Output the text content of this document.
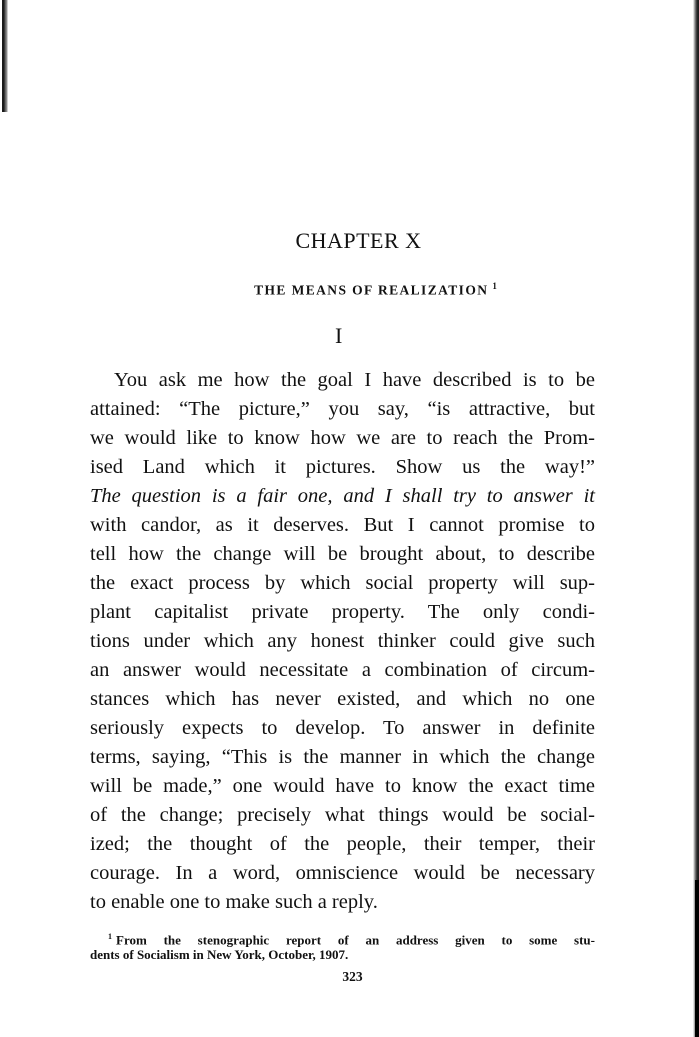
CHAPTER X
THE MEANS OF REALIZATION $^1$
I
You ask me how the goal I have described is to be
attained: “The picture,” you say, “is attractive, but
we would like to know how we are to reach the Prom-
ised Land which it pictures. Show us the way!”
The question is a fair one, and I shall try to answer it
with candor, as it deserves. But I cannot promise to
tell how the change will be brought about, to describe
the exact process by which social property will sup-
plant capitalist private property. The only condi-
tions under which any honest thinker could give such
an answer would necessitate a combination of circum-
stances which has never existed, and which no one
seriously expects to develop. To answer in definite
terms, saying, “This is the manner in which the change
will be made,” one would have to know the exact time
of the change; precisely what things would be social-
ized; the thought of the people, their temper, their
courage. In a word, omniscience would be necessary
to enable one to make such a reply.
$^1$ From the stenographic report of an address given to some stu-
dents of Socialism in New York, October, 1907.
323
